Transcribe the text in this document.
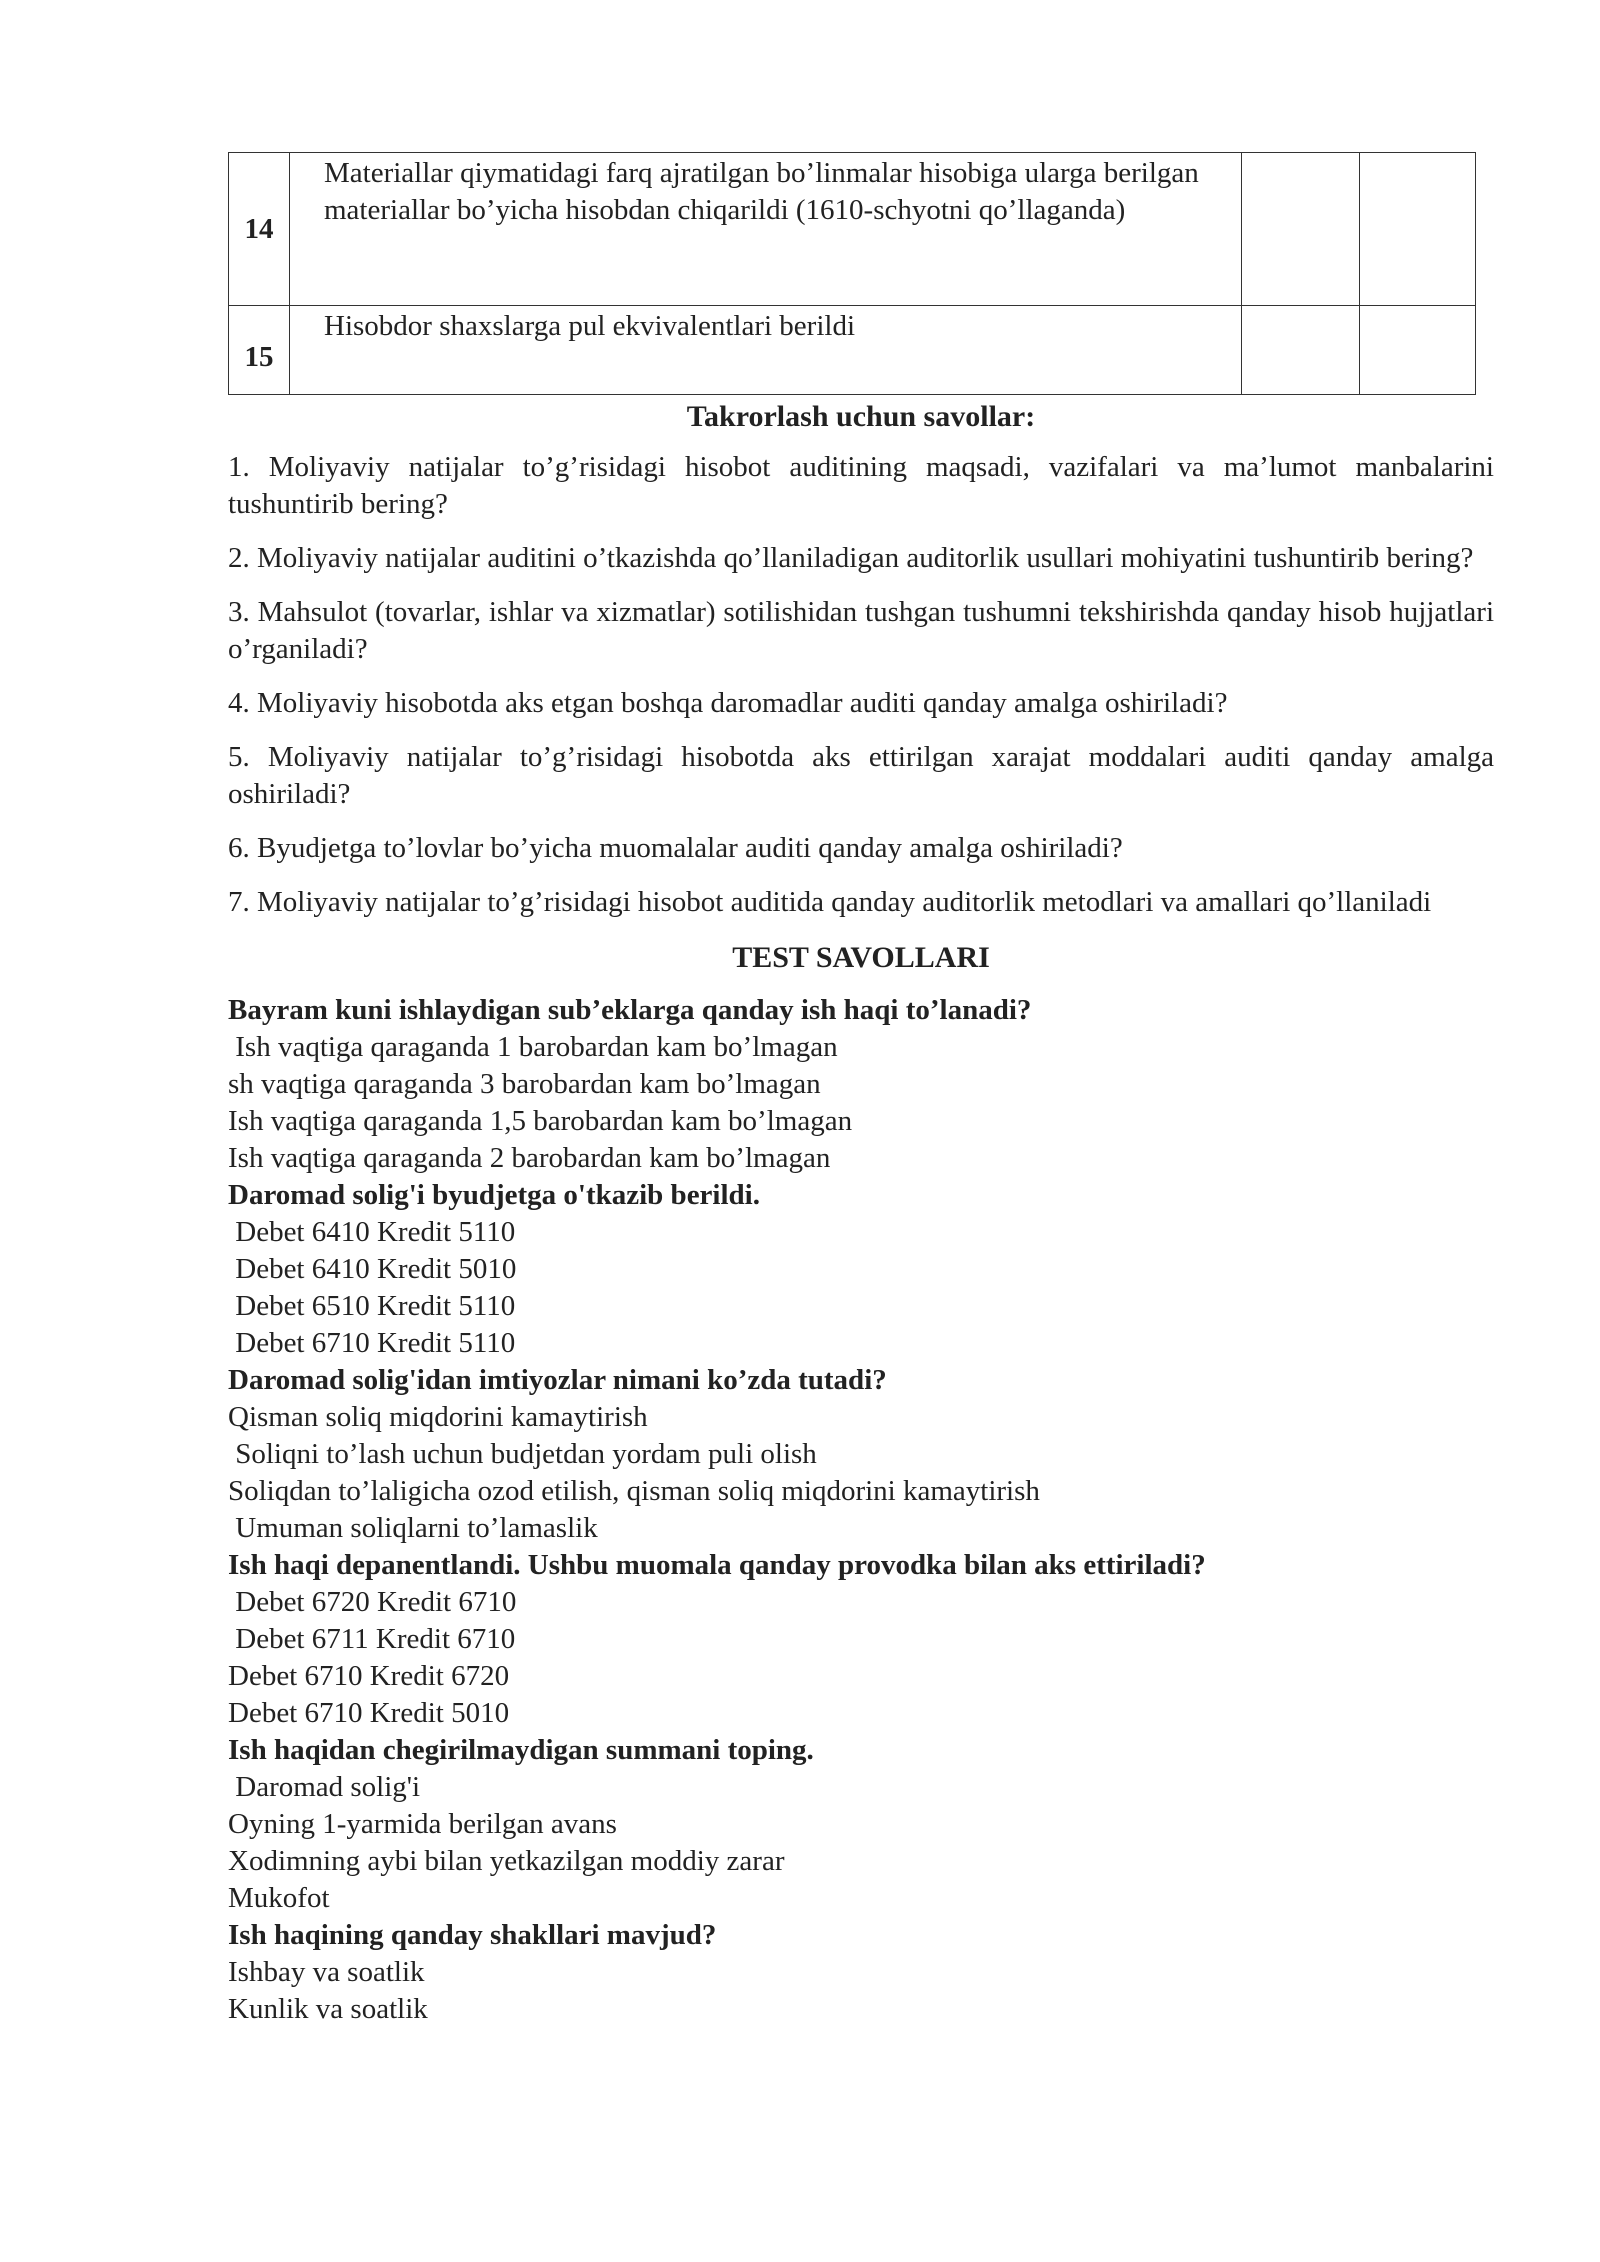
14	Materiallar qiymatidagi farq ajratilgan bo’linmalar hisobiga ularga berilgan materiallar bo’yicha hisobdan chiqarildi (1610-schyotni qo’llaganda)		
15	Hisobdor shaxslarga pul ekvivalentlari berildi		
Takrorlash uchun savollar:

1. Moliyaviy natijalar to’g’risidagi hisobot auditining maqsadi, vazifalari va ma’lumot manbalarini tushuntirib bering?

2. Moliyaviy natijalar auditini o’tkazishda qo’llaniladigan auditorlik usullari mohiyatini tushuntirib bering?

3. Mahsulot (tovarlar, ishlar va xizmatlar) sotilishidan tushgan tushumni tekshirishda qanday hisob hujjatlari o’rganiladi?

4. Moliyaviy hisobotda aks etgan boshqa daromadlar auditi qanday amalga oshiriladi?

5. Moliyaviy natijalar to’g’risidagi hisobotda aks ettirilgan xarajat moddalari auditi qanday amalga oshiriladi?

6. Byudjetga to’lovlar bo’yicha muomalalar auditi qanday amalga oshiriladi?

7. Moliyaviy natijalar to’g’risidagi hisobot auditida qanday auditorlik metodlari va amallari qo’llaniladi

TEST SAVOLLARI

Bayram kuni ishlaydigan sub’eklarga qanday ish haqi to’lanadi?

Ish vaqtiga qaraganda 1 barobardan kam bo’lmagan

sh vaqtiga qaraganda 3 barobardan kam bo’lmagan

Ish vaqtiga qaraganda 1,5 barobardan kam bo’lmagan

Ish vaqtiga qaraganda 2 barobardan kam bo’lmagan

Daromad solig'i byudjetga o'tkazib berildi.

Debet 6410 Kredit 5110

Debet 6410 Kredit 5010

Debet 6510 Kredit 5110

Debet 6710 Kredit 5110

Daromad solig'idan imtiyozlar nimani ko’zda tutadi?

Qisman soliq miqdorini kamaytirish

Soliqni to’lash uchun budjetdan yordam puli olish

Soliqdan to’laligicha ozod etilish, qisman soliq miqdorini kamaytirish

Umuman soliqlarni to’lamaslik

Ish haqi depanentlandi. Ushbu muomala qanday provodka bilan aks ettiriladi?

Debet 6720 Kredit 6710

Debet 6711 Kredit 6710

Debet 6710 Kredit 6720

Debet 6710 Kredit 5010

Ish haqidan chegirilmaydigan summani toping.

Daromad solig'i

Oyning 1-yarmida berilgan avans

Xodimning aybi bilan yetkazilgan moddiy zarar

Mukofot

Ish haqining qanday shakllari mavjud?

Ishbay va soatlik

Kunlik va soatlik
